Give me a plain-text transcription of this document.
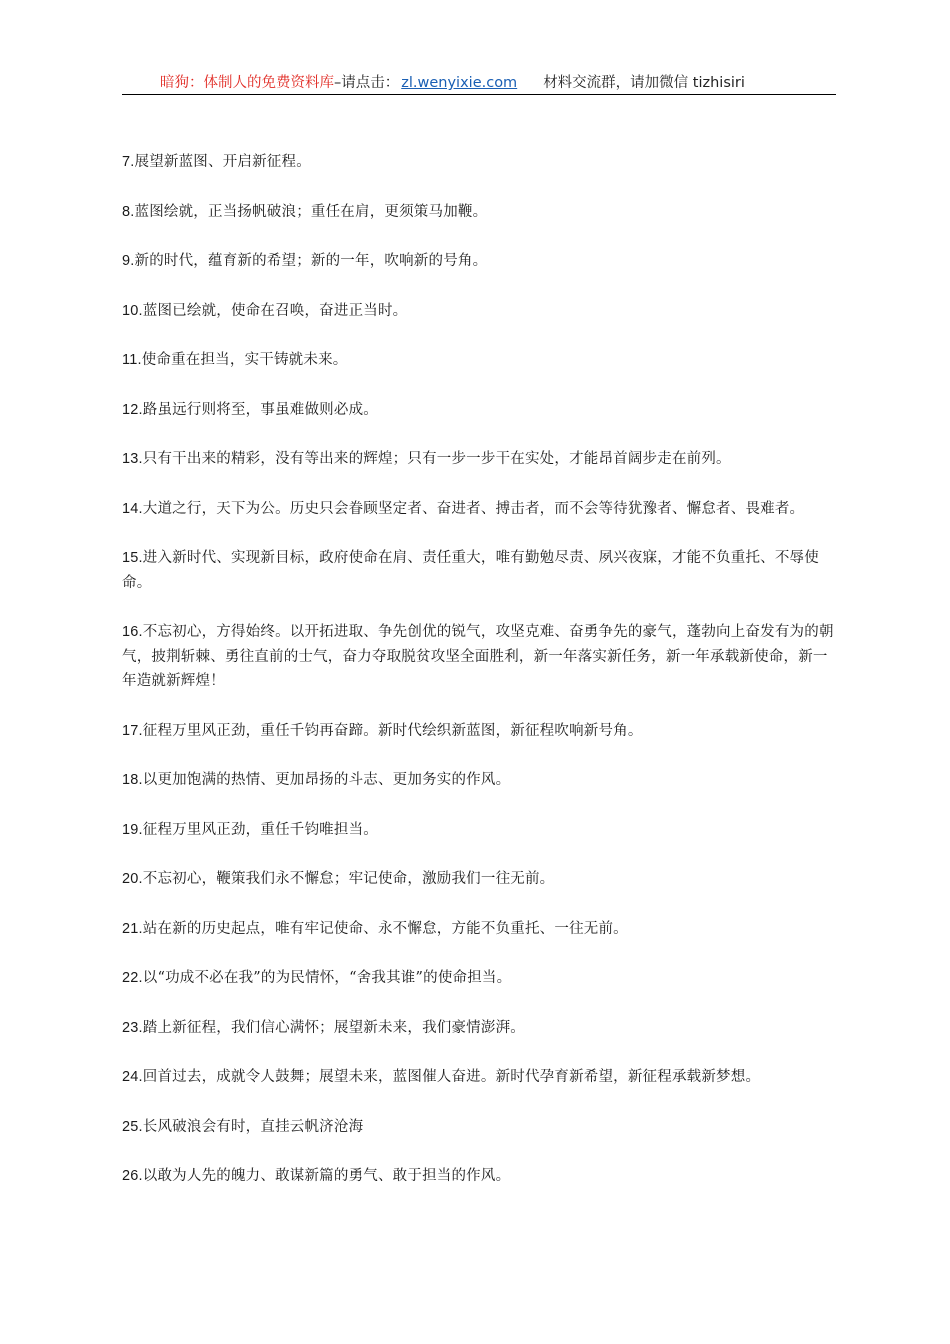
暗狗：体制人的免费资料库–请点击： zl.wenyixie.com 材料交流群，请加微信 tizhisiri
7.展望新蓝图、开启新征程。
8.蓝图绘就，正当扬帆破浪；重任在肩，更须策马加鞭。
9.新的时代，蕴育新的希望；新的一年，吹响新的号角。
10.蓝图已绘就，使命在召唤，奋进正当时。
11.使命重在担当，实干铸就未来。
12.路虽远行则将至，事虽难做则必成。
13.只有干出来的精彩，没有等出来的辉煌；只有一步一步干在实处，才能昂首阔步走在前列。
14.大道之行，天下为公。历史只会眷顾坚定者、奋进者、搏击者，而不会等待犹豫者、懈怠者、畏难者。
15.进入新时代、实现新目标，政府使命在肩、责任重大，唯有勤勉尽责、夙兴夜寐，才能不负重托、不辱使命。
16.不忘初心，方得始终。以开拓进取、争先创优的锐气，攻坚克难、奋勇争先的豪气，蓬勃向上奋发有为的朝气，披荆斩棘、勇往直前的士气，奋力夺取脱贫攻坚全面胜利，新一年落实新任务，新一年承载新使命，新一年造就新辉煌！
17.征程万里风正劲，重任千钧再奋蹄。新时代绘织新蓝图，新征程吹响新号角。
18.以更加饱满的热情、更加昂扬的斗志、更加务实的作风。
19.征程万里风正劲，重任千钧唯担当。
20.不忘初心，鞭策我们永不懈怠；牢记使命，激励我们一往无前。
21.站在新的历史起点，唯有牢记使命、永不懈怠，方能不负重托、一往无前。
22.以“功成不必在我”的为民情怀，“舍我其谁”的使命担当。
23.踏上新征程，我们信心满怀；展望新未来，我们豪情澎湃。
24.回首过去，成就令人鼓舞；展望未来，蓝图催人奋进。新时代孕育新希望，新征程承载新梦想。
25.长风破浪会有时，直挂云帆济沧海
26.以敢为人先的魄力、敢谋新篇的勇气、敢于担当的作风。
